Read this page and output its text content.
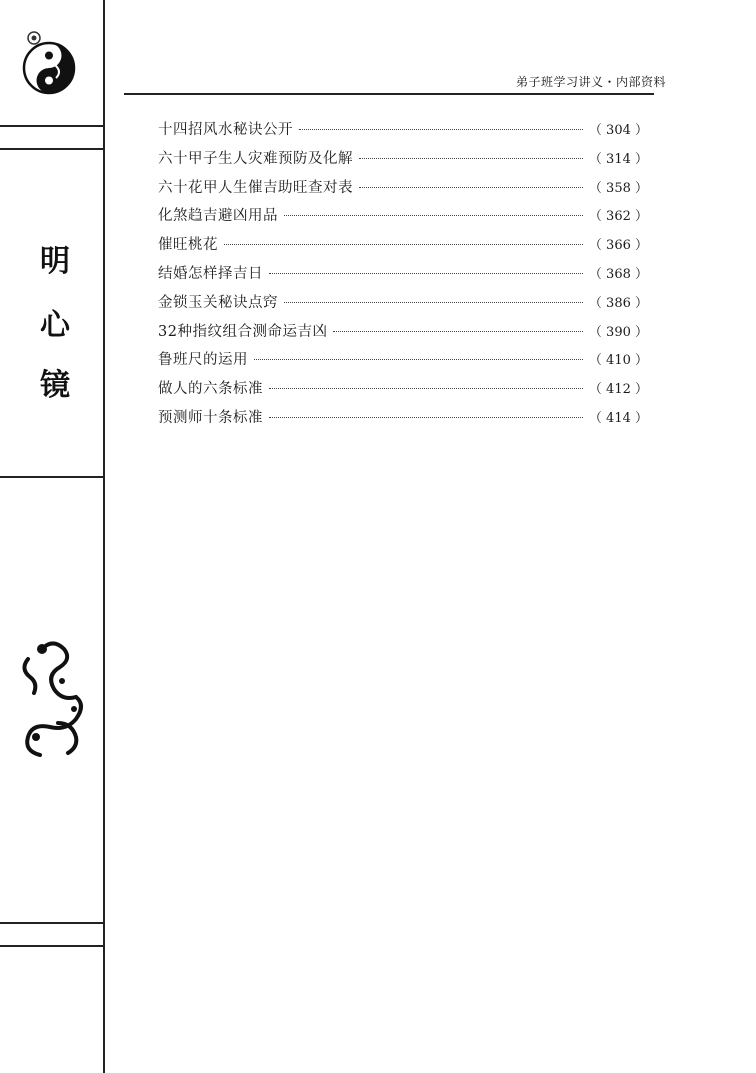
明
心
镜
弟子班学习讲义・内部资料
十四招风水秘诀公开	（ 304 ）
六十甲子生人灾难预防及化解	（ 314 ）
六十花甲人生催吉助旺查对表	（ 358 ）
化煞趋吉避凶用品	（ 362 ）
催旺桃花	（ 366 ）
结婚怎样择吉日	（ 368 ）
金锁玉关秘诀点窍	（ 386 ）
32种指纹组合测命运吉凶	（ 390 ）
鲁班尺的运用	（ 410 ）
做人的六条标准	（ 412 ）
预测师十条标准	（ 414 ）
